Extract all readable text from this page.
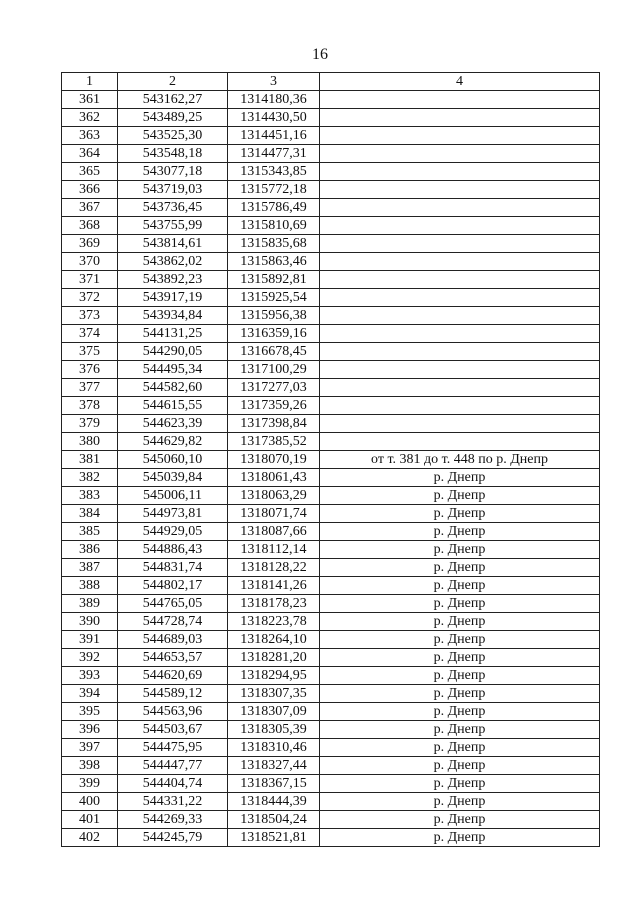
16
1	2	3	4
361	543162,27	1314180,36	
362	543489,25	1314430,50	
363	543525,30	1314451,16	
364	543548,18	1314477,31	
365	543077,18	1315343,85	
366	543719,03	1315772,18	
367	543736,45	1315786,49	
368	543755,99	1315810,69	
369	543814,61	1315835,68	
370	543862,02	1315863,46	
371	543892,23	1315892,81	
372	543917,19	1315925,54	
373	543934,84	1315956,38	
374	544131,25	1316359,16	
375	544290,05	1316678,45	
376	544495,34	1317100,29	
377	544582,60	1317277,03	
378	544615,55	1317359,26	
379	544623,39	1317398,84	
380	544629,82	1317385,52	
381	545060,10	1318070,19	от т. 381 до т. 448 по р. Днепр
382	545039,84	1318061,43	р. Днепр
383	545006,11	1318063,29	р. Днепр
384	544973,81	1318071,74	р. Днепр
385	544929,05	1318087,66	р. Днепр
386	544886,43	1318112,14	р. Днепр
387	544831,74	1318128,22	р. Днепр
388	544802,17	1318141,26	р. Днепр
389	544765,05	1318178,23	р. Днепр
390	544728,74	1318223,78	р. Днепр
391	544689,03	1318264,10	р. Днепр
392	544653,57	1318281,20	р. Днепр
393	544620,69	1318294,95	р. Днепр
394	544589,12	1318307,35	р. Днепр
395	544563,96	1318307,09	р. Днепр
396	544503,67	1318305,39	р. Днепр
397	544475,95	1318310,46	р. Днепр
398	544447,77	1318327,44	р. Днепр
399	544404,74	1318367,15	р. Днепр
400	544331,22	1318444,39	р. Днепр
401	544269,33	1318504,24	р. Днепр
402	544245,79	1318521,81	р. Днепр
